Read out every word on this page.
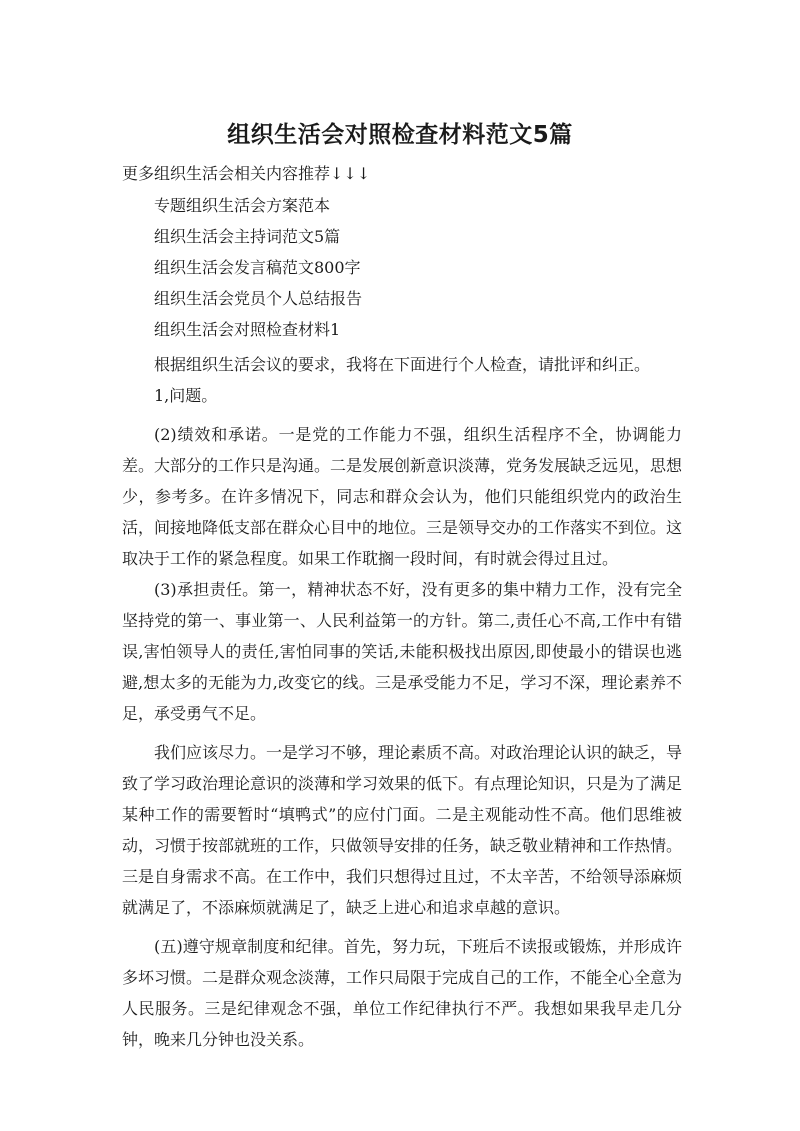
组织生活会对照检查材料范文5篇
更多组织生活会相关内容推荐↓↓↓
专题组织生活会方案范本
组织生活会主持词范文5篇
组织生活会发言稿范文800字
组织生活会党员个人总结报告
组织生活会对照检查材料1

根据组织生活会议的要求，我将在下面进行个人检查，请批评和纠正。

1,问题。

(2)绩效和承诺。一是党的工作能力不强，组织生活程序不全，协调能力差。大部分的工作只是沟通。二是发展创新意识淡薄，党务发展缺乏远见，思想少，参考多。在许多情况下，同志和群众会认为，他们只能组织党内的政治生活，间接地降低支部在群众心目中的地位。三是领导交办的工作落实不到位。这取决于工作的紧急程度。如果工作耽搁一段时间，有时就会得过且过。

(3)承担责任。第一，精神状态不好，没有更多的集中精力工作，没有完全坚持党的第一、事业第一、人民利益第一的方针。第二,责任心不高,工作中有错误,害怕领导人的责任,害怕同事的笑话,未能积极找出原因,即使最小的错误也逃避,想太多的无能为力,改变它的线。三是承受能力不足，学习不深，理论素养不足，承受勇气不足。

我们应该尽力。一是学习不够，理论素质不高。对政治理论认识的缺乏，导致了学习政治理论意识的淡薄和学习效果的低下。有点理论知识，只是为了满足某种工作的需要暂时“填鸭式”的应付门面。二是主观能动性不高。他们思维被动，习惯于按部就班的工作，只做领导安排的任务，缺乏敬业精神和工作热情。三是自身需求不高。在工作中，我们只想得过且过，不太辛苦，不给领导添麻烦就满足了，不添麻烦就满足了，缺乏上进心和追求卓越的意识。

(五)遵守规章制度和纪律。首先，努力玩，下班后不读报或锻炼，并形成许多坏习惯。二是群众观念淡薄，工作只局限于完成自己的工作，不能全心全意为人民服务。三是纪律观念不强，单位工作纪律执行不严。我想如果我早走几分钟，晚来几分钟也没关系。
